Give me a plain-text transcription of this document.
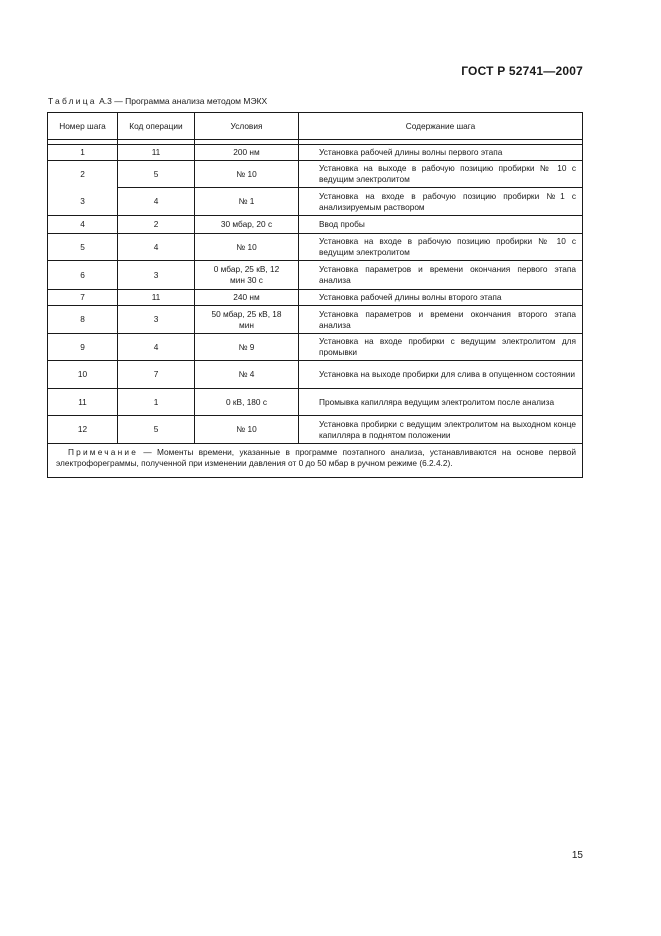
ГОСТ Р 52741—2007
Таблица А.3 — Программа анализа методом МЭКХ
Номер шага	Код операции	Условия	Содержание шага

1	11	200 нм	Установка рабочей длины волны первого этапа
2	5	№ 10	Установка на выходе в рабочую позицию пробирки № 10 с ведущим электролитом
3	4	№ 1	Установка на входе в рабочую позицию пробирки №1 с анализируемым раствором
4	2	30 мбар, 20 с	Ввод пробы
5	4	№ 10	Установка на входе в рабочую позицию пробирки № 10 с ведущим электролитом
6	3	0 мбар, 25 кВ, 12 мин 30 с	Установка параметров и времени окончания первого этапа анализа
7	11	240 нм	Установка рабочей длины волны второго этапа
8	3	50 мбар, 25 кВ, 18 мин	Установка параметров и времени окончания второго этапа анализа
9	4	№ 9	Установка на входе пробирки с ведущим электролитом для промывки
10	7	№ 4	Установка на выходе пробирки для слива в опущенном состоянии
11	1	0 кВ, 180 с	Промывка капилляра ведущим электролитом после анализа
12	5	№ 10	Установка пробирки с ведущим электролитом на выходном конце капилляра в поднятом положении
Примечание — Моменты времени, указанные в программе поэтапного анализа, устанавливаются на основе первой электрофореграммы, полученной при изменении давления от 0 до 50 мбар в ручном режиме (6.2.4.2).			
15
